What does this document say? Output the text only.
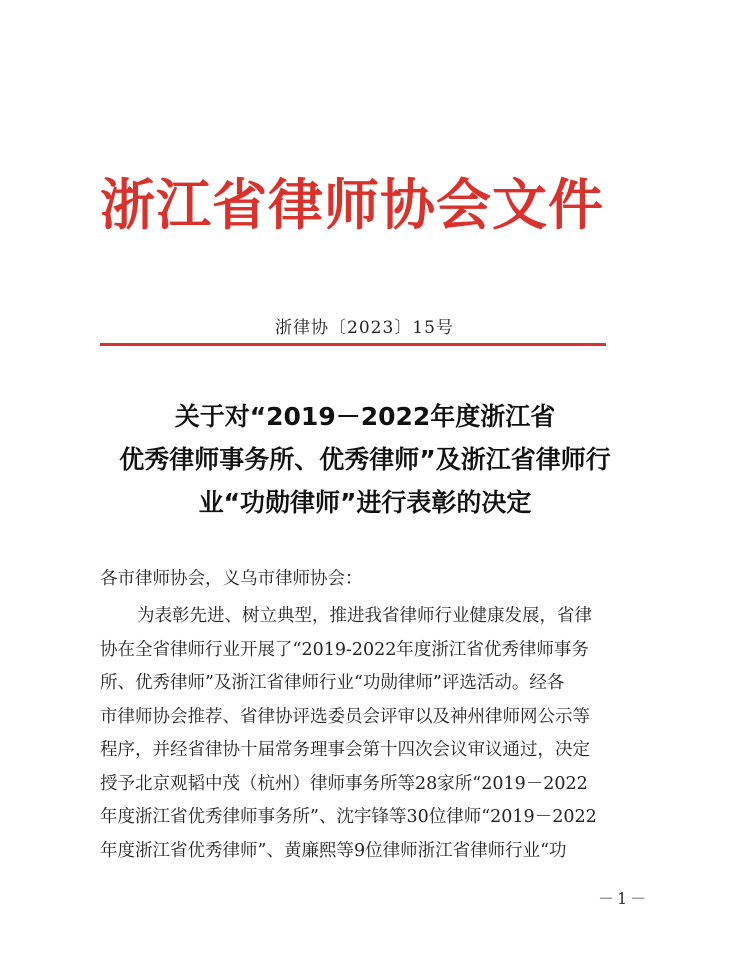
浙江省律师协会文件
浙律协〔2023〕15号
关于对“2019－2022年度浙江省
优秀律师事务所、优秀律师”及浙江省律师行
业“功勋律师”进行表彰的决定
各市律师协会，义乌市律师协会：
为表彰先进、树立典型，推进我省律师行业健康发展，省律
协在全省律师行业开展了“2019-2022年度浙江省优秀律师事务
所、优秀律师”及浙江省律师行业“功勋律师”评选活动。经各
市律师协会推荐、省律协评选委员会评审以及神州律师网公示等
程序，并经省律协十届常务理事会第十四次会议审议通过，决定
授予北京观韬中茂（杭州）律师事务所等28家所“2019－2022
年度浙江省优秀律师事务所”、沈宇锋等30位律师“2019－2022
年度浙江省优秀律师”、黄廉熙等9位律师浙江省律师行业“功
－1－
